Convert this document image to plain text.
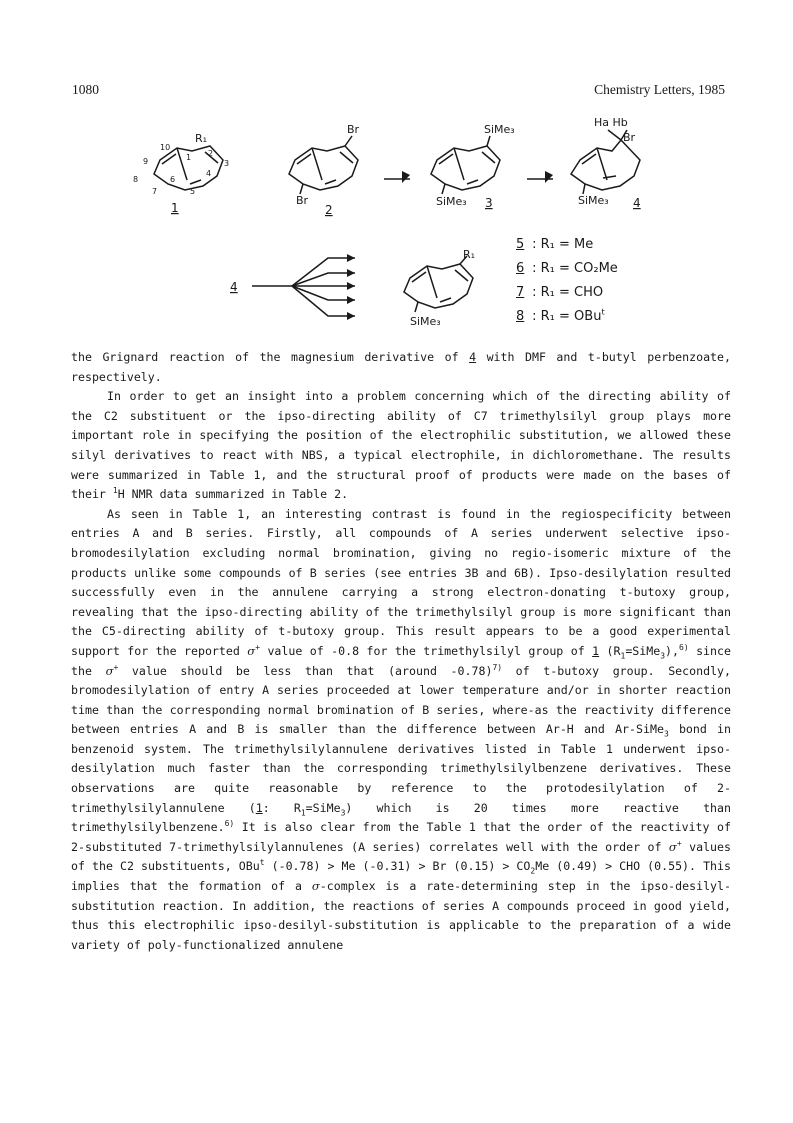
1080	Chemistry Letters, 1985
10
9
8
7
6
5
4
3
2
1
R₁
1
Br
Br
2
SiMe₃
SiMe₃ 3
Ha Hb
Br
SiMe₃ 4
4
R₁
SiMe₃
5 : R₁ = Me
6 : R₁ = CO₂Me
7 : R₁ = CHO
8 : R₁ = OBu$^t$

the Grignard reaction of the magnesium derivative of 4 with DMF and t-butyl perbenzoate, respectively.

In order to get an insight into a problem concerning which of the directing ability of the C2 substituent or the ipso-directing ability of C7 trimethylsilyl group plays more important role in specifying the position of the electrophilic substitution, we allowed these silyl derivatives to react with NBS, a typical electrophile, in dichloromethane. The results were summarized in Table 1, and the structural proof of products were made on the bases of their $^1$H NMR data summarized in Table 2.

As seen in Table 1, an interesting contrast is found in the regiospecificity between entries A and B series. Firstly, all compounds of A series underwent selective ipso-bromodesilylation excluding normal bromination, giving no regio-isomeric mixture of the products unlike some compounds of B series (see entries 3B and 6B). Ipso-desilylation resulted successfully even in the annulene carrying a strong electron-donating t-butoxy group, revealing that the ipso-directing ability of the trimethylsilyl group is more significant than the C5-directing ability of t-butoxy group. This result appears to be a good experimental support for the reported σ+ value of -0.8 for the trimethylsilyl group of 1 $(R_1=SiMe_3),^{6)}$ since the σ+ value should be less than that (around -0.78)$^{7)}$ of t-butoxy group. Secondly, bromodesilylation of entry A series proceeded at lower temperature and/or in shorter reaction time than the corresponding normal bromination of B series, where-as the reactivity difference between entries A and B is smaller than the difference between Ar-H and Ar-SiMe$_3$ bond in benzenoid system. The trimethylsilylannulene derivatives listed in Table 1 underwent ipso-desilylation much faster than the corresponding trimethylsilylbenzene derivatives. These observations are quite reasonable by reference to the protodesilylation of 2-trimethylsilylannulene (1: $R_1=SiMe_3$) which is 20 times more reactive than trimethylsilylbenzene.$^{6)}$ It is also clear from the Table 1 that the order of the reactivity of 2-substituted 7-trimethylsilylannulenes (A series) correlates well with the order of σ+ values of the C2 substituents, OBu$^t$ (-0.78) > Me (-0.31) > Br $(0.15) > CO_2Me$ (0.49) > CHO (0.55). This implies that the formation of a σ-complex is a rate-determining step in the ipso-desilyl-substitution reaction. In addition, the reactions of series A compounds proceed in good yield, thus this electrophilic ipso-desilyl-substitution is applicable to the preparation of a wide variety of poly-functionalized annulene
